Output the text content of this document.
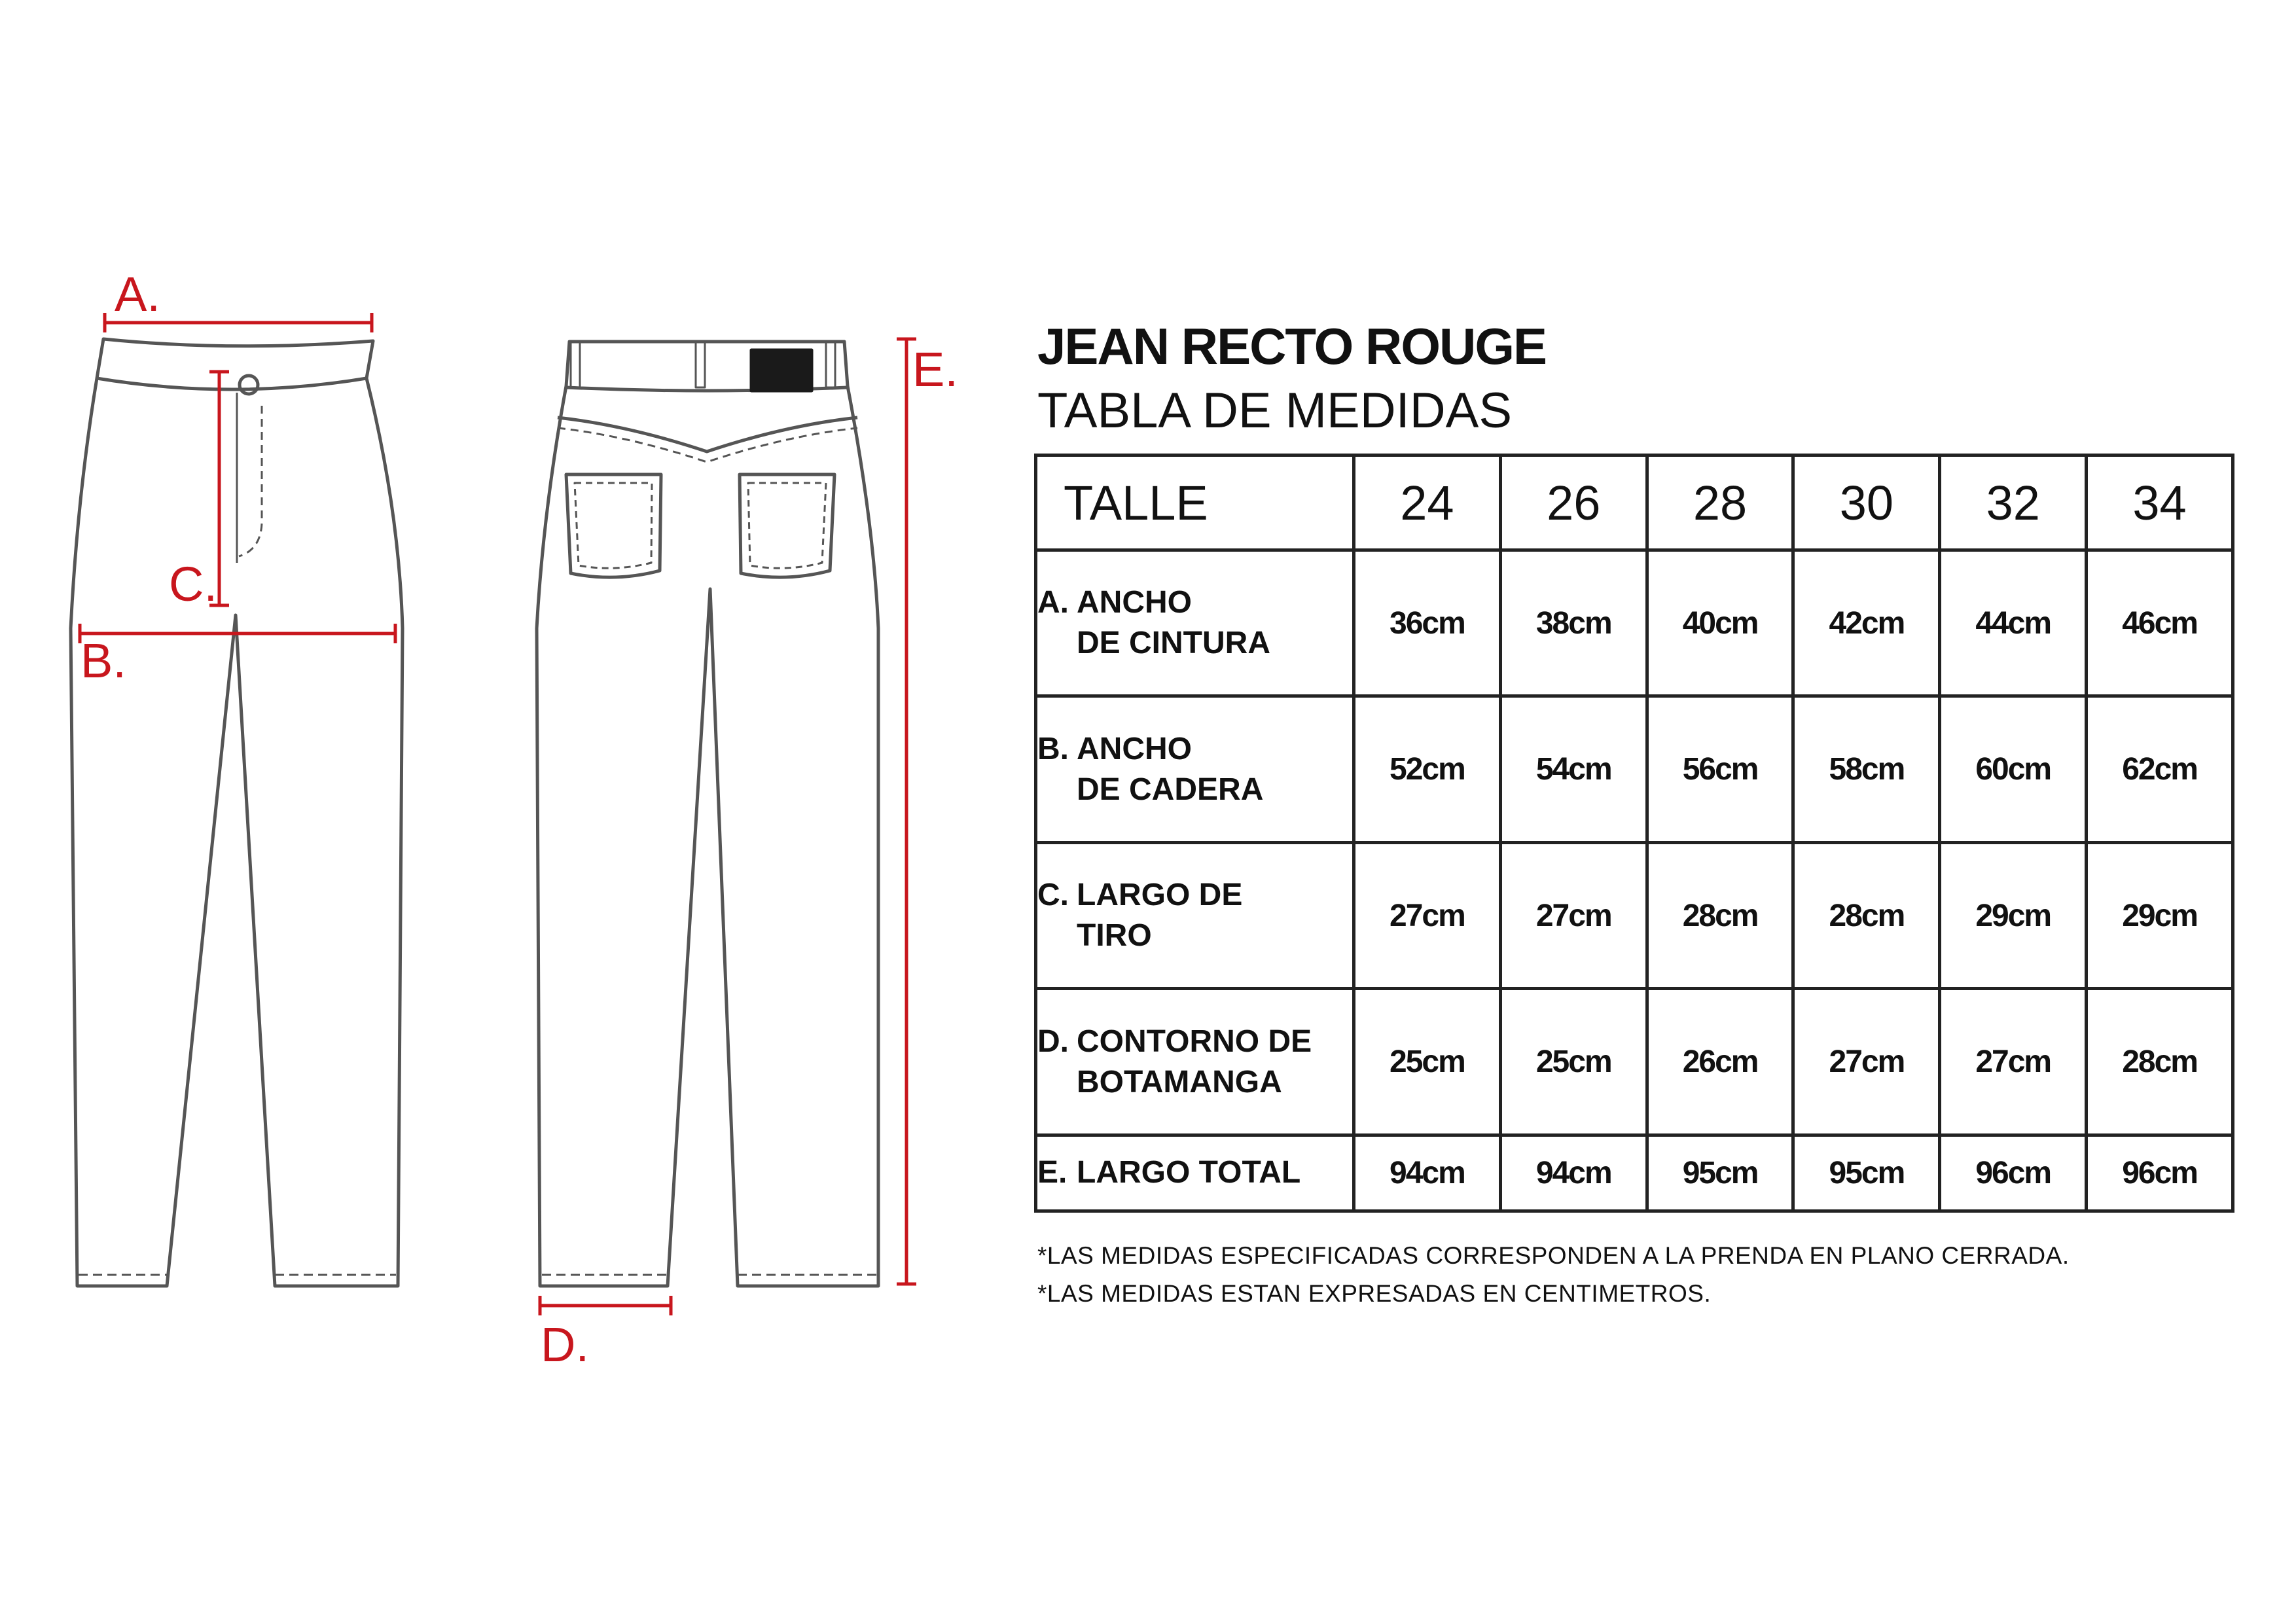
A.
B.
C.
D.
E. JEAN RECTO ROUGE
TABLA DE MEDIDAS
TALLE	24	26	28	30	32	34
A. ANCHO
DE CINTURA	36cm	38cm	40cm	42cm	44cm	46cm
B. ANCHO
DE CADERA	52cm	54cm	56cm	58cm	60cm	62cm
C. LARGO DE
TIRO	27cm	27cm	28cm	28cm	29cm	29cm
D. CONTORNO DE
BOTAMANGA	25cm	25cm	26cm	27cm	27cm	28cm
E. LARGO TOTAL	94cm	94cm	95cm	95cm	96cm	96cm
*LAS MEDIDAS ESPECIFICADAS CORRESPONDEN A LA PRENDA EN PLANO CERRADA.
*LAS MEDIDAS ESTAN EXPRESADAS EN CENTIMETROS.
